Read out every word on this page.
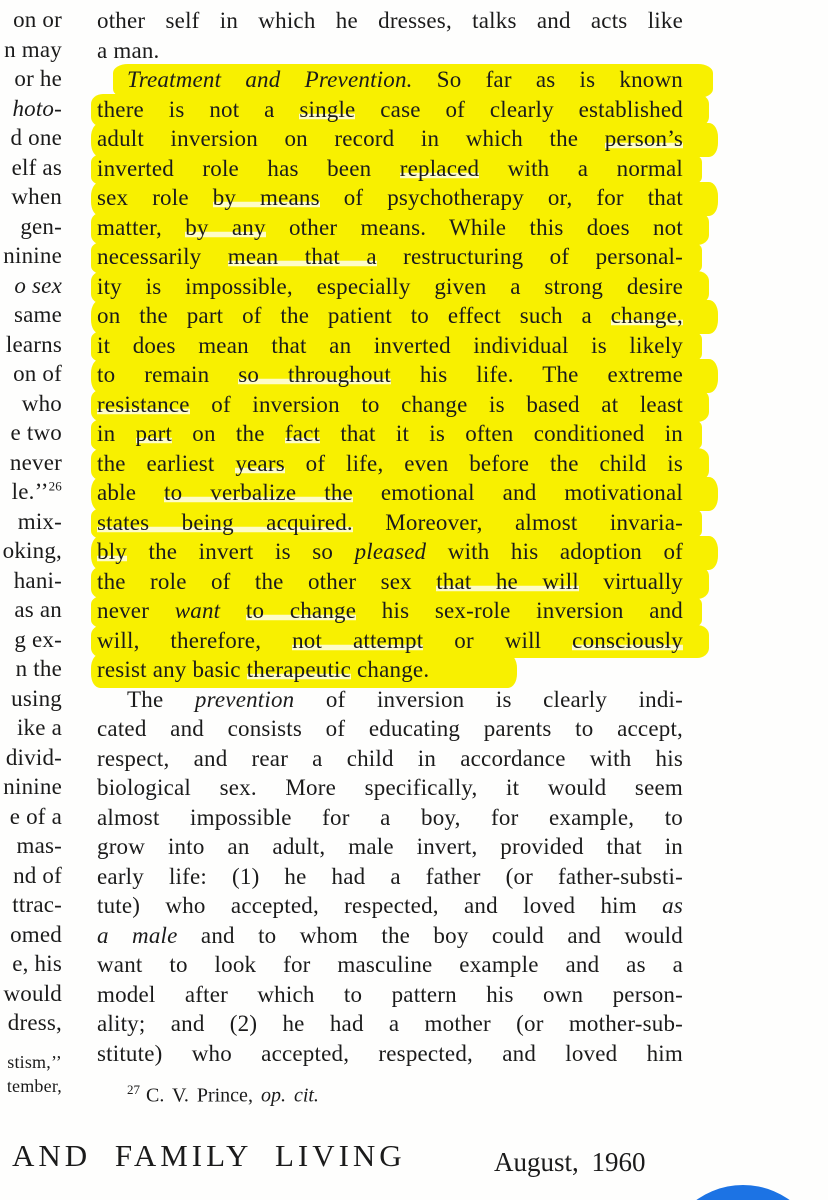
on or
n may
or he
hoto-
d one
elf as
when
gen-
ninine
o sex
same
learns
on of
who
e two
never
le.’’$^{26}$
mix-
oking,
hani-
as an
g ex-
n the
using
ike a
divid-
ninine
e of a
mas-
nd of
ttrac-
omed
e, his
would
dress,
stism,’’
tember,
other self in which he dresses, talks and acts like
a man.
Treatment and Prevention. So far as is known
there is not a single case of clearly established
adult inversion on record in which the person’s
inverted role has been replaced with a normal
sex role by means of psychotherapy or, for that
matter, by any other means. While this does not
necessarily mean that a restructuring of personal-
ity is impossible, especially given a strong desire
on the part of the patient to effect such a change,
it does mean that an inverted individual is likely
to remain so throughout his life. The extreme
resistance of inversion to change is based at least
in part on the fact that it is often conditioned in
the earliest years of life, even before the child is
able to verbalize the emotional and motivational
states being acquired. Moreover, almost invaria-
bly the invert is so pleased with his adoption of
the role of the other sex that he will virtually
never want to change his sex-role inversion and
will, therefore, not attempt or will consciously
resist any basic therapeutic change.
The prevention of inversion is clearly indi-
cated and consists of educating parents to accept,
respect, and rear a child in accordance with his
biological sex. More specifically, it would seem
almost impossible for a boy, for example, to
grow into an adult, male invert, provided that in
early life: (1) he had a father (or father-substi-
tute) who accepted, respected, and loved him as
a male and to whom the boy could and would
want to look for masculine example and as a
model after which to pattern his own person-
ality; and (2) he had a mother (or mother-sub-
stitute) who accepted, respected, and loved him
$^{27}$ C. V. Prince, op. cit.
AND FAMILY LIVING	August, 1960
